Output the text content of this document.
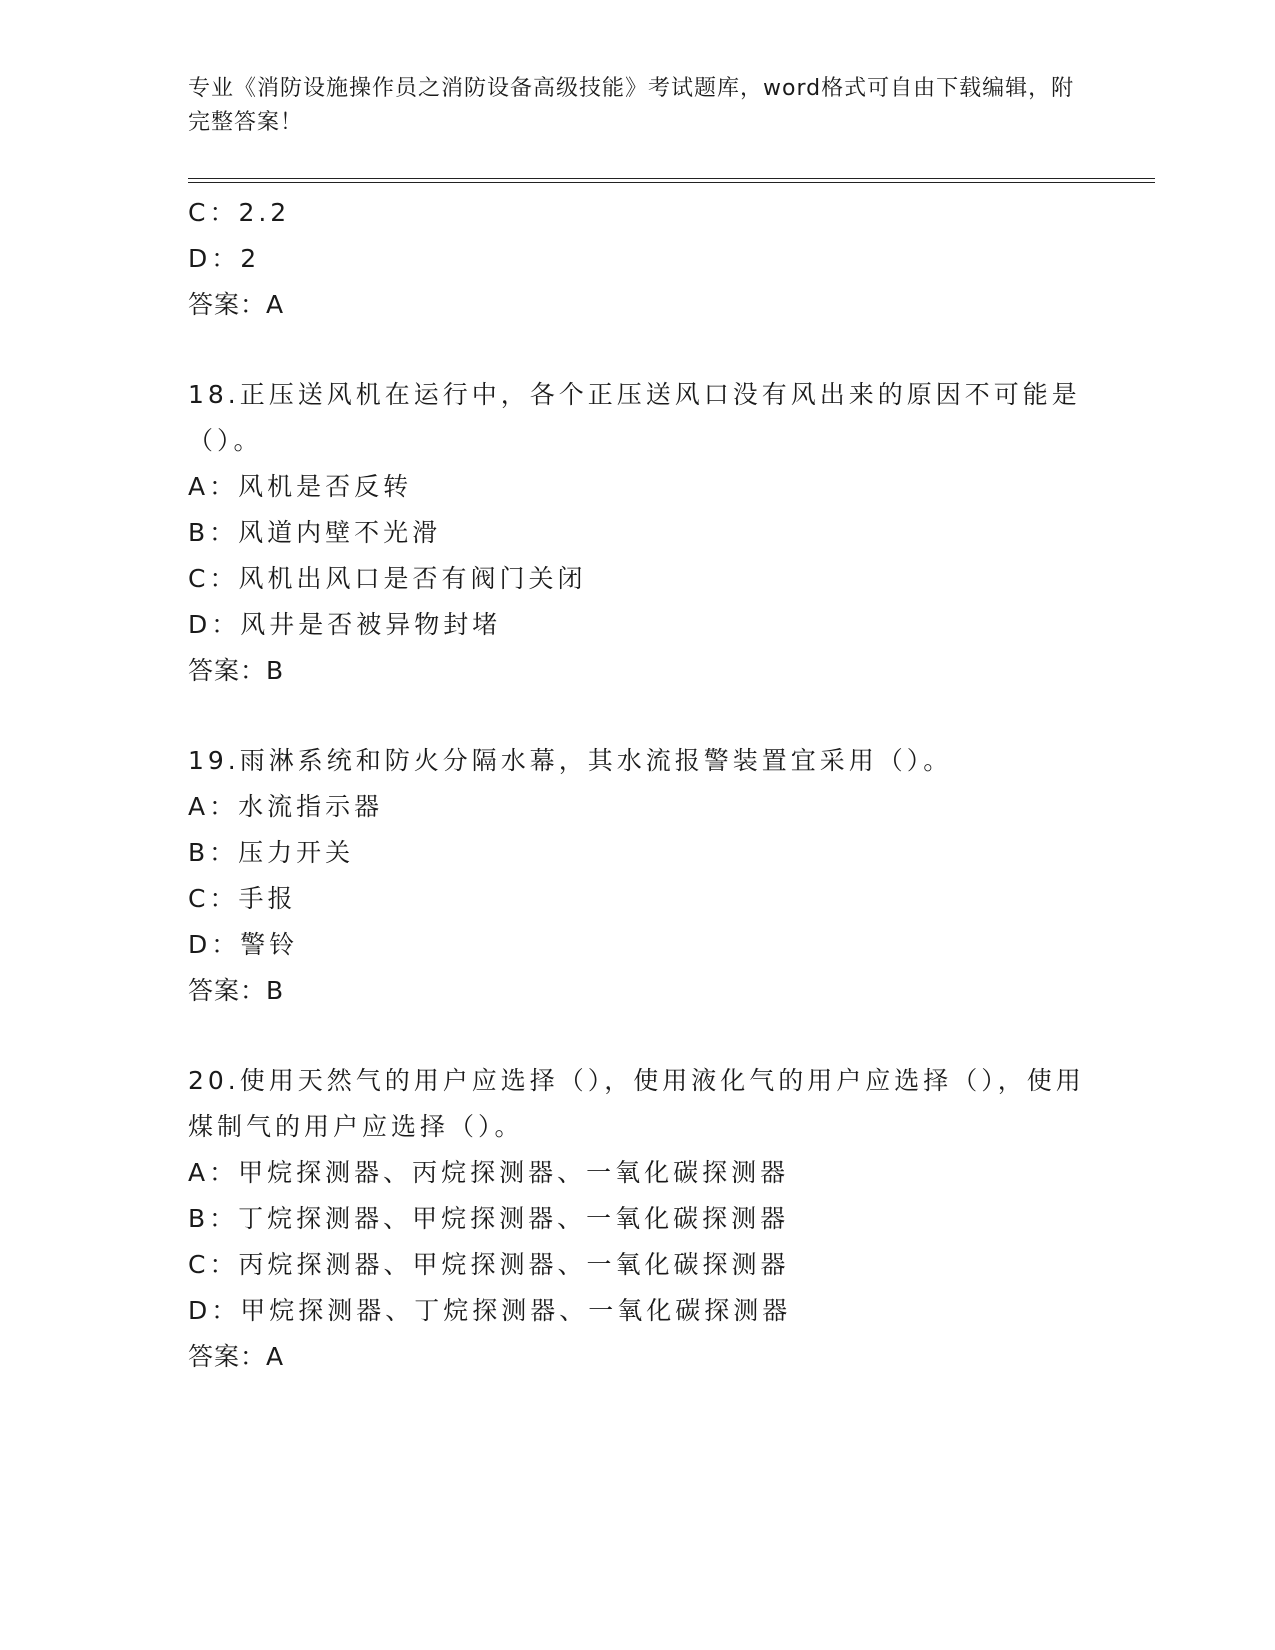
专业《消防设施操作员之消防设备高级技能》考试题库，word格式可自由下载编辑，附完整答案！
C：2.2
D：2
答案：A
18.正压送风机在运行中，各个正压送风口没有风出来的原因不可能是（）。
A：风机是否反转
B：风道内壁不光滑
C：风机出风口是否有阀门关闭
D：风井是否被异物封堵
答案：B
19.雨淋系统和防火分隔水幕，其水流报警装置宜采用（）。
A：水流指示器
B：压力开关
C：手报
D：警铃
答案：B
20.使用天然气的用户应选择（），使用液化气的用户应选择（），使用煤制气的用户应选择（）。
A：甲烷探测器、丙烷探测器、一氧化碳探测器
B：丁烷探测器、甲烷探测器、一氧化碳探测器
C：丙烷探测器、甲烷探测器、一氧化碳探测器
D：甲烷探测器、丁烷探测器、一氧化碳探测器
答案：A
